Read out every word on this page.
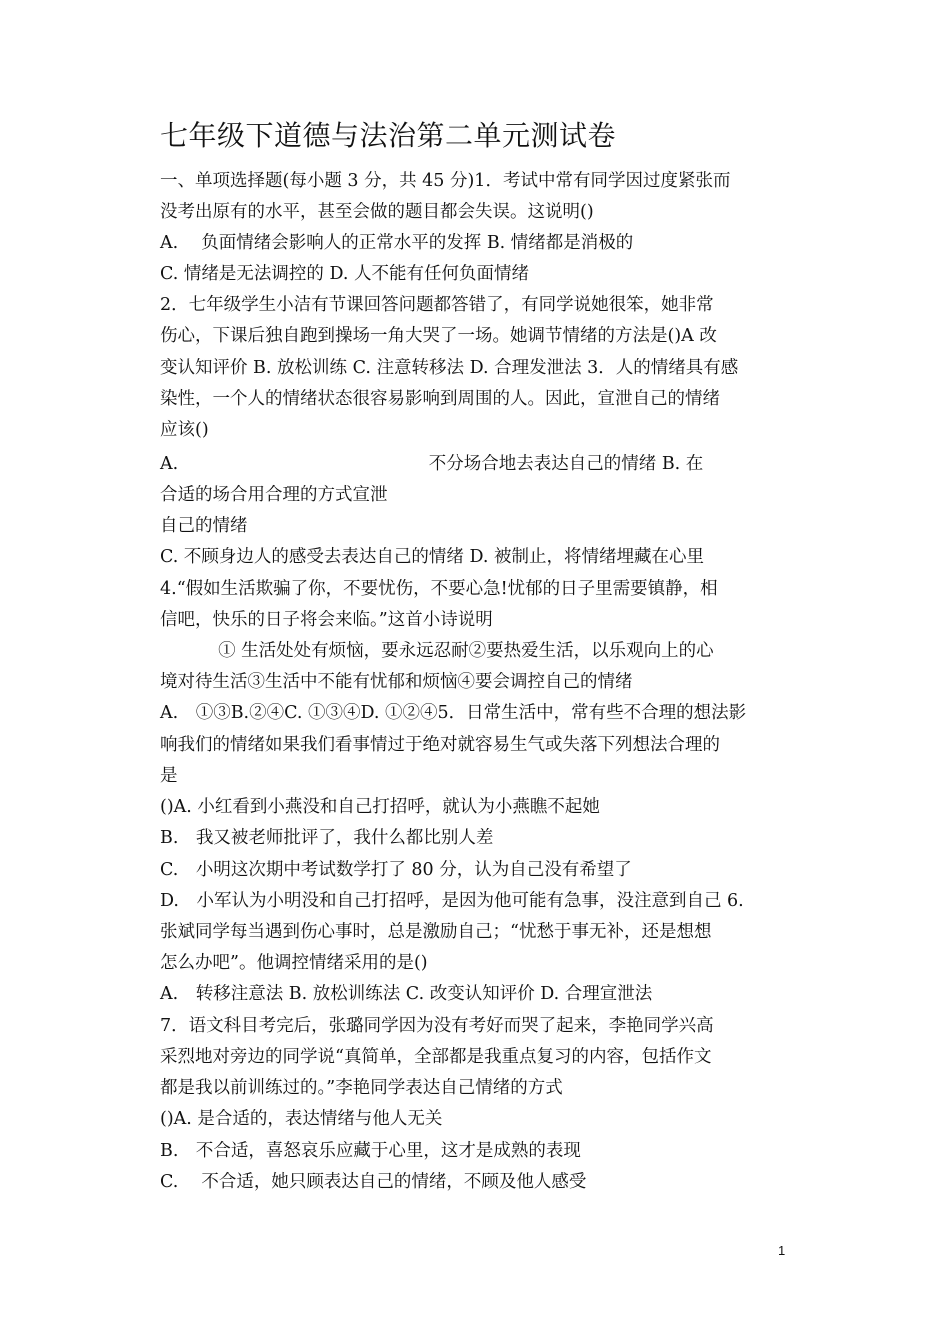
七年级下道德与法治第二单元测试卷
一、单项选择题(每小题 3 分，共 45 分)1．考试中常有同学因过度紧张而
没考出原有的水平，甚至会做的题目都会失误。这说明()
A.　 负面情绪会影响人的正常水平的发挥 B. 情绪都是消极的
C. 情绪是无法调控的 D. 人不能有任何负面情绪
2．七年级学生小洁有节课回答问题都答错了，有同学说她很笨，她非常
伤心，下课后独自跑到操场一角大哭了一场。她调节情绪的方法是()A 改
变认知评价 B. 放松训练 C. 注意转移法 D. 合理发泄法 3．人的情绪具有感
染性，一个人的情绪状态很容易影响到周围的人。因此，宣泄自己的情绪
应该()
A.　　　　　　　　　　　　　　 不分场合地去表达自己的情绪 B. 在
合适的场合用合理的方式宣泄
自己的情绪
C. 不顾身边人的感受去表达自己的情绪 D. 被制止，将情绪埋藏在心里
4.“假如生活欺骗了你，不要忧伤，不要心急!忧郁的日子里需要镇静，相
信吧，快乐的日子将会来临。”这首小诗说明
　　　 ① 生活处处有烦恼，要永远忍耐②要热爱生活，以乐观向上的心
境对待生活③生活中不能有忧郁和烦恼④要会调控自己的情绪
A.　①③B.②④C. ①③④D. ①②④5．日常生活中，常有些不合理的想法影
响我们的情绪如果我们看事情过于绝对就容易生气或失落下列想法合理的
是
()A. 小红看到小燕没和自己打招呼，就认为小燕瞧不起她
B.　我又被老师批评了，我什么都比别人差
C.　小明这次期中考试数学打了 80 分，认为自己没有希望了
D.　小军认为小明没和自己打招呼，是因为他可能有急事，没注意到自己 6.
张斌同学每当遇到伤心事时，总是激励自己；“忧愁于事无补，还是想想
怎么办吧”。他调控情绪采用的是()
A.　转移注意法 B. 放松训练法 C. 改变认知评价 D. 合理宣泄法
7．语文科目考完后，张璐同学因为没有考好而哭了起来，李艳同学兴高
采烈地对旁边的同学说“真简单，全部都是我重点复习的内容，包括作文
都是我以前训练过的。”李艳同学表达自己情绪的方式
()A. 是合适的，表达情绪与他人无关
B.　不合适，喜怒哀乐应藏于心里，这才是成熟的表现
C.　 不合适，她只顾表达自己的情绪，不顾及他人感受
1
